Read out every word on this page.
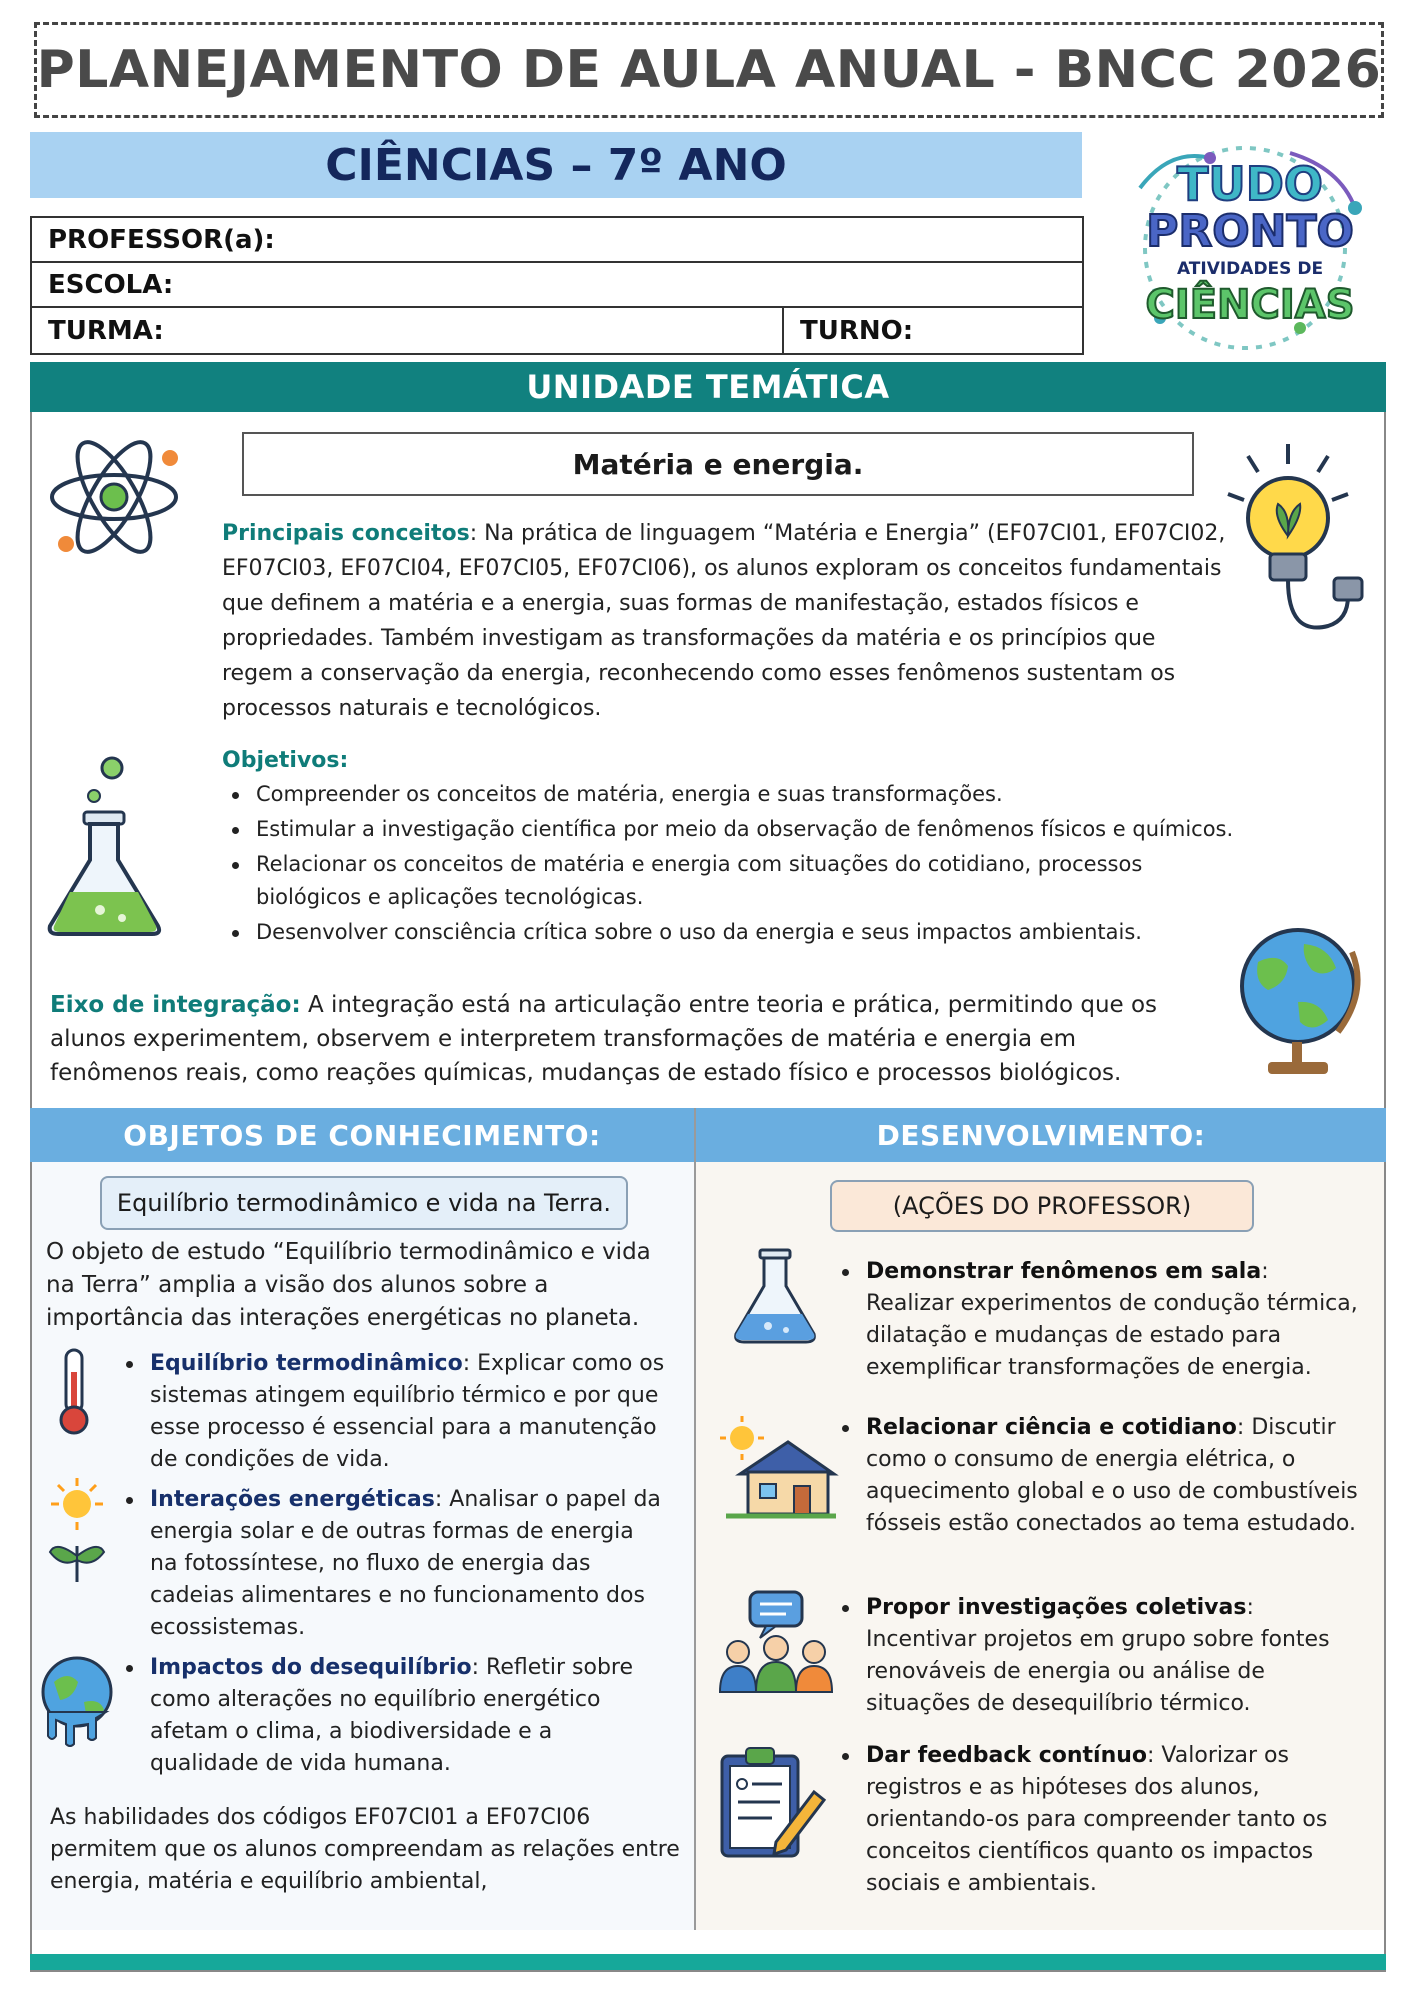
PLANEJAMENTO DE AULA ANUAL - BNCC 2026
CIÊNCIAS – 7º ANO
PROFESSOR(a):
ESCOLA:
TURMA:	TURNO:
TUDO
PRONTO
ATIVIDADES DE
CIÊNCIAS
UNIDADE TEMÁTICA
Matéria e energia.
Principais conceitos: Na prática de linguagem “Matéria e Energia” (EF07CI01, EF07CI02, EF07CI03, EF07CI04, EF07CI05, EF07CI06), os alunos exploram os conceitos fundamentais que definem a matéria e a energia, suas formas de manifestação, estados físicos e propriedades. Também investigam as transformações da matéria e os princípios que regem a conservação da energia, reconhecendo como esses fenômenos sustentam os processos naturais e tecnológicos.
Objetivos:
Compreender os conceitos de matéria, energia e suas transformações.
Estimular a investigação científica por meio da observação de fenômenos físicos e químicos.
Relacionar os conceitos de matéria e energia com situações do cotidiano, processos biológicos e aplicações tecnológicas.
Desenvolver consciência crítica sobre o uso da energia e seus impactos ambientais.
Eixo de integração: A integração está na articulação entre teoria e prática, permitindo que os alunos experimentem, observem e interpretem transformações de matéria e energia em fenômenos reais, como reações químicas, mudanças de estado físico e processos biológicos.
OBJETOS DE CONHECIMENTO:	DESENVOLVIMENTO:
Equilíbrio termodinâmico e vida na Terra.
O objeto de estudo “Equilíbrio termodinâmico e vida na Terra” amplia a visão dos alunos sobre a importância das interações energéticas no planeta.
Equilíbrio termodinâmico: Explicar como os sistemas atingem equilíbrio térmico e por que esse processo é essencial para a manutenção de condições de vida.
Interações energéticas: Analisar o papel da energia solar e de outras formas de energia na fotossíntese, no fluxo de energia das cadeias alimentares e no funcionamento dos ecossistemas.
Impactos do desequilíbrio: Refletir sobre como alterações no equilíbrio energético afetam o clima, a biodiversidade e a qualidade de vida humana.
As habilidades dos códigos EF07CI01 a EF07CI06 permitem que os alunos compreendam as relações entre energia, matéria e equilíbrio ambiental,
(AÇÕES DO PROFESSOR)
Demonstrar fenômenos em sala: Realizar experimentos de condução térmica, dilatação e mudanças de estado para exemplificar transformações de energia.
Relacionar ciência e cotidiano: Discutir como o consumo de energia elétrica, o aquecimento global e o uso de combustíveis fósseis estão conectados ao tema estudado.
Propor investigações coletivas: Incentivar projetos em grupo sobre fontes renováveis de energia ou análise de situações de desequilíbrio térmico.
Dar feedback contínuo: Valorizar os registros e as hipóteses dos alunos, orientando-os para compreender tanto os conceitos científicos quanto os impactos sociais e ambientais.
